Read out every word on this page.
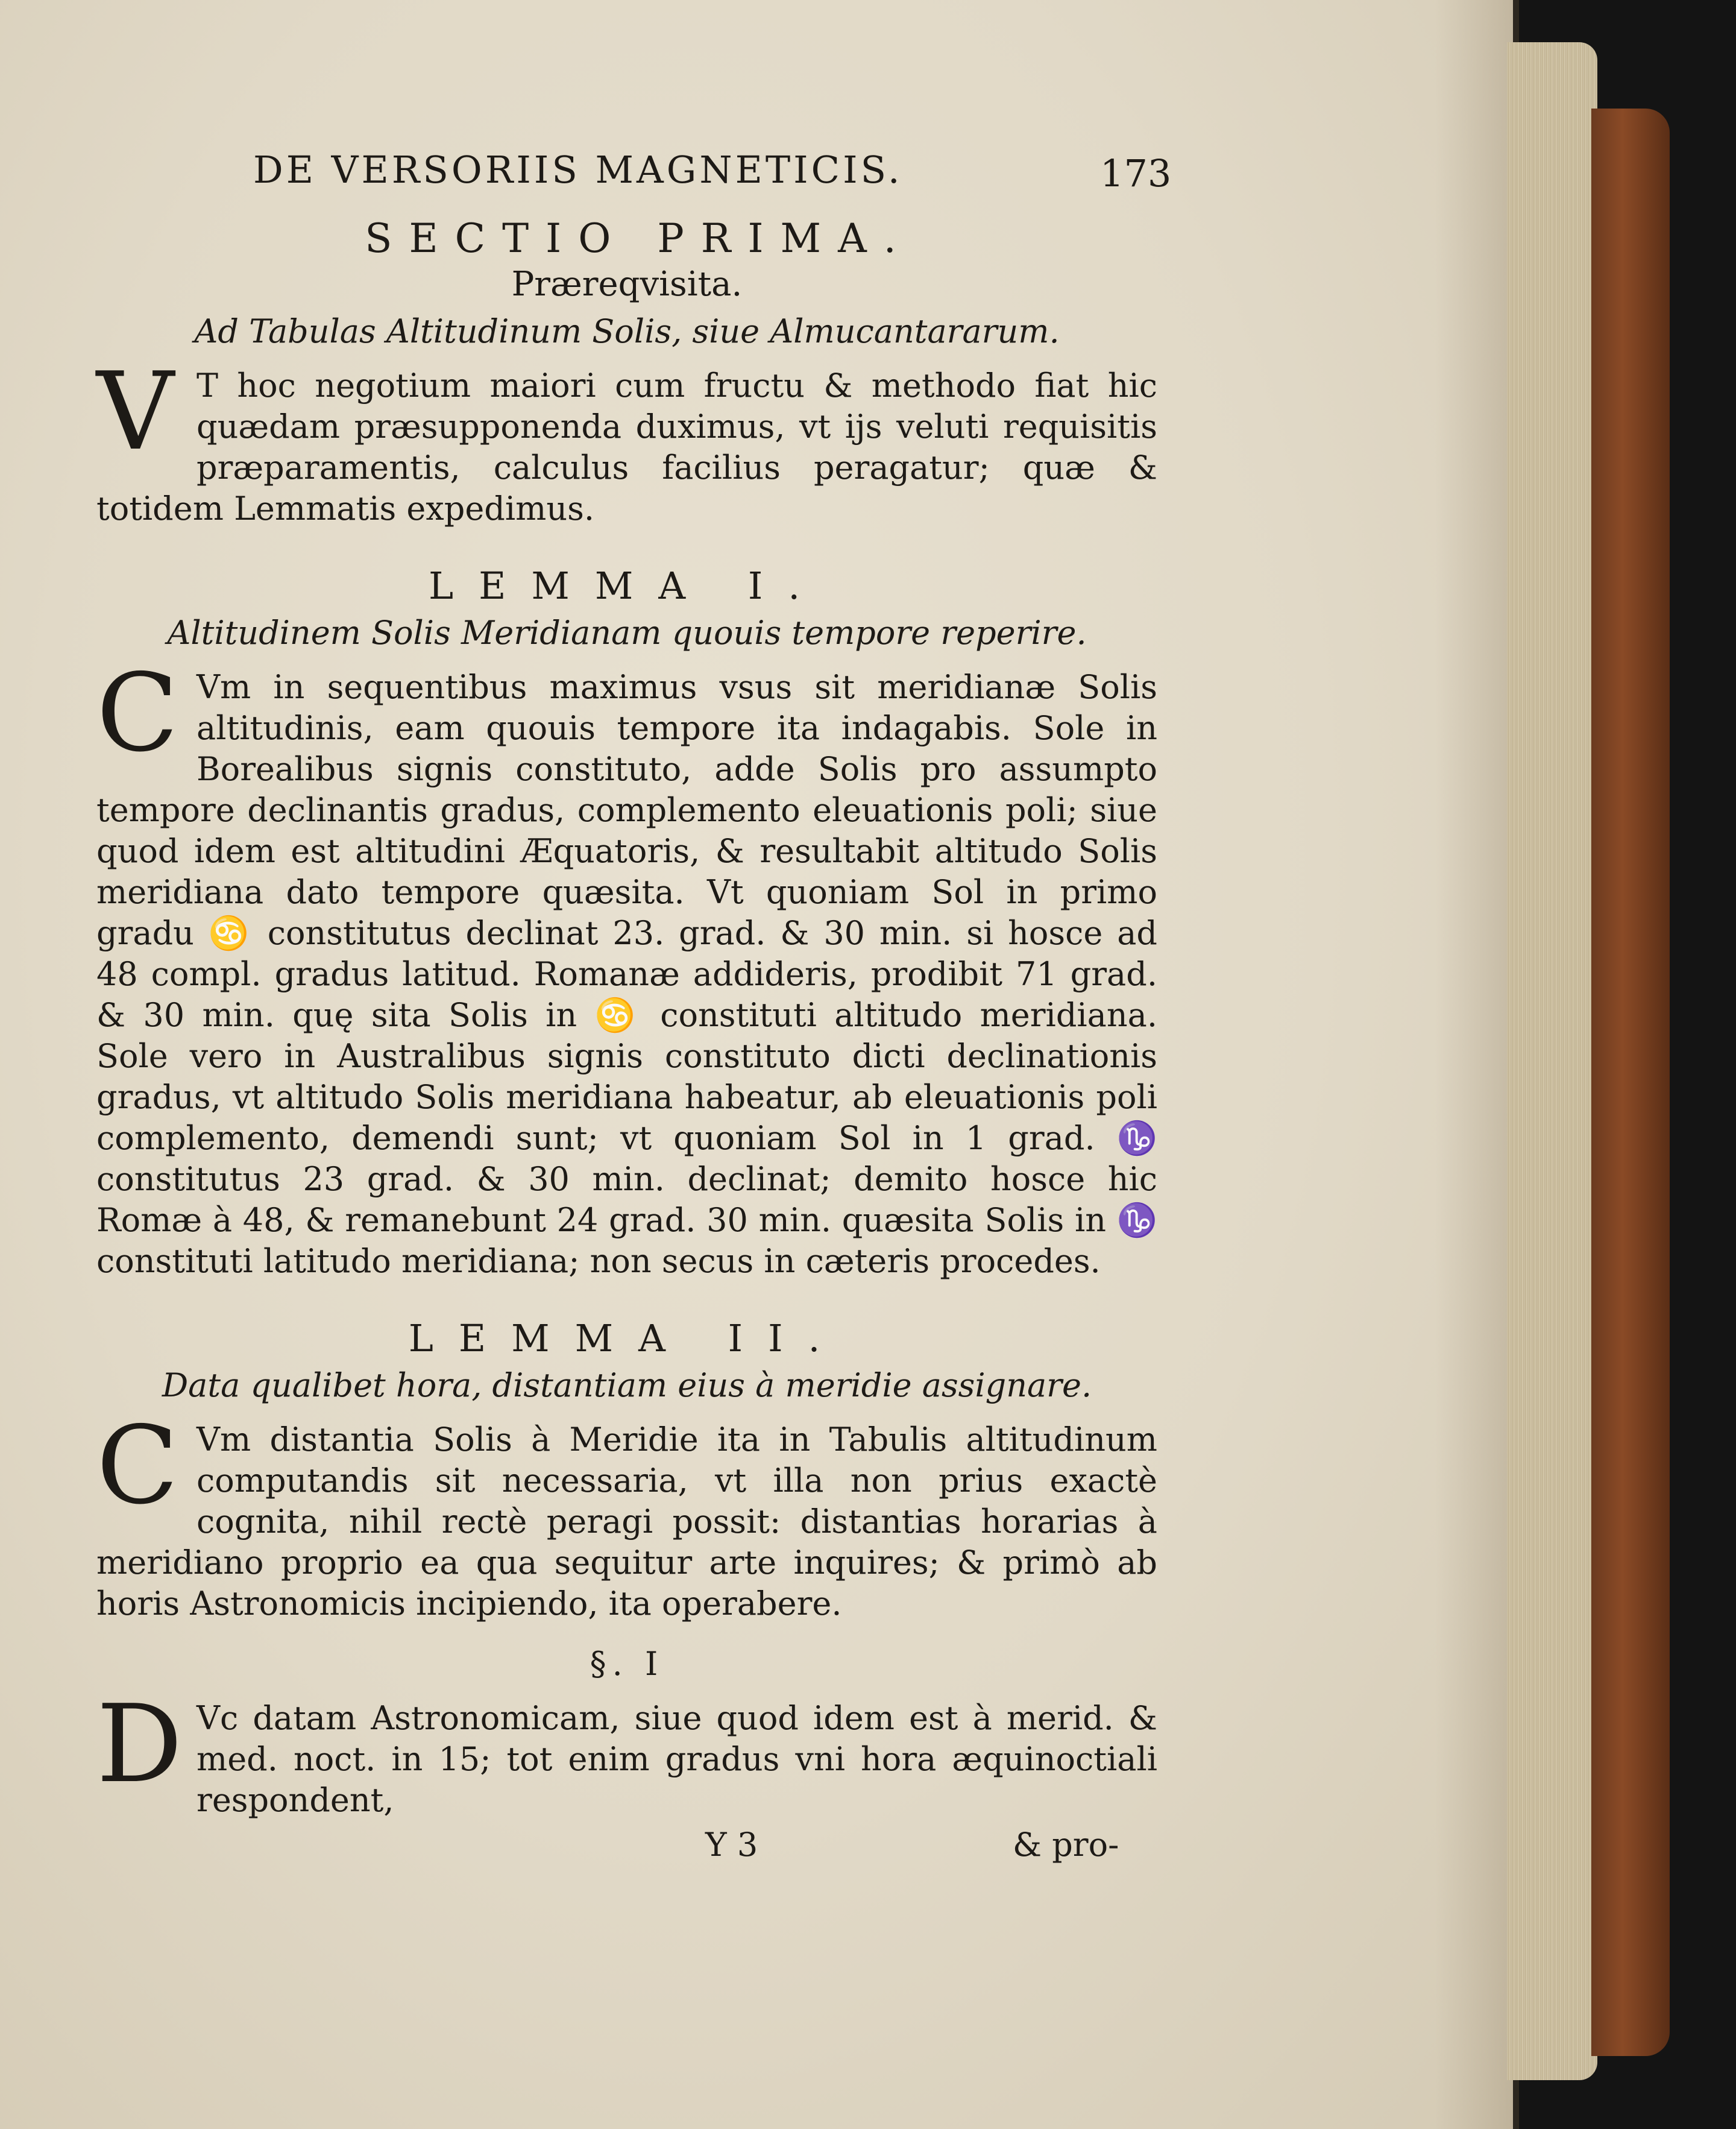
DE VERSORIIS MAGNETICIS.	173
SECTIO PRIMA.
Præreqvisita.
Ad Tabulas Altitudinum Solis, siue Almucantararum.
V T hoc negotium maiori cum fructu & methodo fiat hic quædam præsupponenda duximus, vt ijs veluti requisitis præparamentis, calculus facilius peragatur; quæ & totidem Lemmatis expedimus.

LEMMA I.
Altitudinem Solis Meridianam quouis tempore reperire.
C Vm in sequentibus maximus vsus sit meridianæ Solis altitudinis, eam quouis tempore ita indagabis. Sole in Borealibus signis constituto, adde Solis pro assumpto tempore declinantis gradus, complemento eleuationis poli; siue quod idem est altitudini Æquatoris, & resultabit altitudo Solis meridiana dato tempore quæsita. Vt quoniam Sol in primo gradu ♋ constitutus declinat 23. grad. & 30 min. si hosce ad 48 compl. gradus latitud. Romanæ addideris, prodibit 71 grad. & 30 min. quę sita Solis in ♋ constituti altitudo meridiana. Sole vero in Australibus signis constituto dicti declinationis gradus, vt altitudo Solis meridiana habeatur, ab eleuationis poli complemento, demendi sunt; vt quoniam Sol in 1 grad. ♑ constitutus 23 grad. & 30 min. declinat; demito hosce hic Romæ à 48, & remanebunt 24 grad. 30 min. quæsita Solis in ♑ constituti latitudo meridiana; non secus in cæteris procedes.

LEMMA II.
Data qualibet hora, distantiam eius à meridie assignare.
C Vm distantia Solis à Meridie ita in Tabulis altitudinum computandis sit necessaria, vt illa non prius exactè cognita, nihil rectè peragi possit: distantias horarias à meridiano proprio ea qua sequitur arte inquires; & primò ab horis Astronomicis incipiendo, ita operabere.

§. I
D Vc datam Astronomicam, siue quod idem est à merid. & med. noct. in 15; tot enim gradus vni hora æquinoctiali respondent,

Y 3	& pro-
